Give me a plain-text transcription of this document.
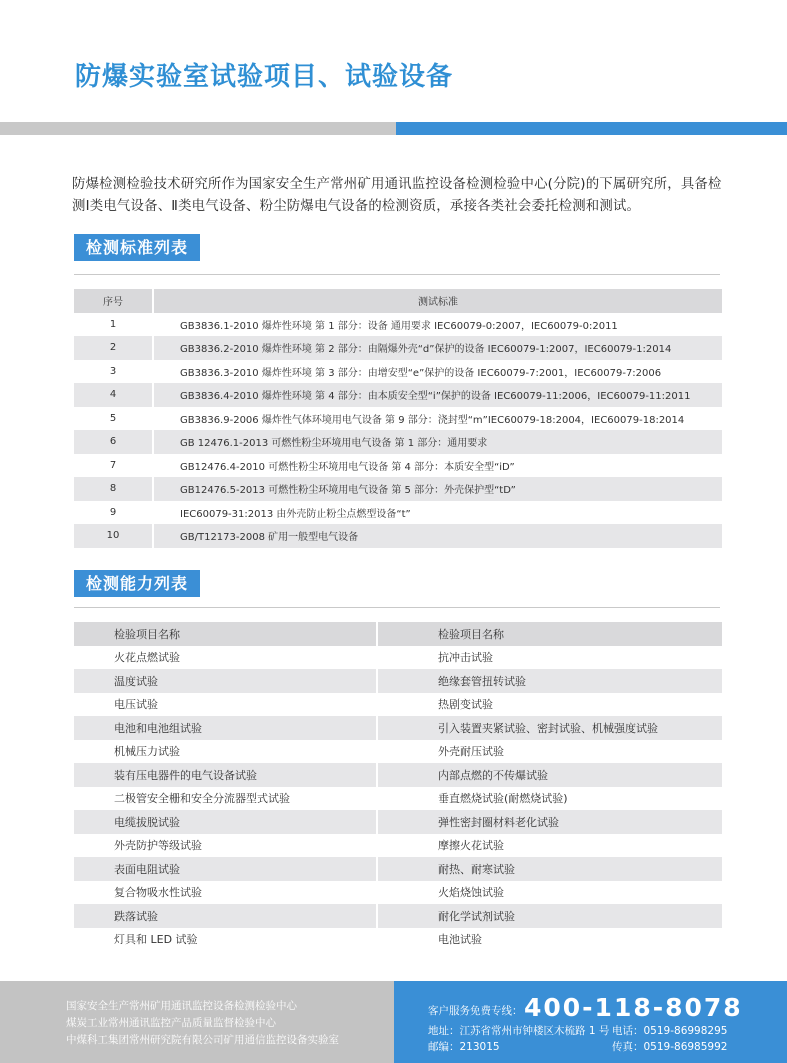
防爆实验室试验项目、试验设备
防爆检测检验技术研究所作为国家安全生产常州矿用通讯监控设备检测检验中心(分院)的下属研究所，具备检测Ⅰ类电气设备、Ⅱ类电气设备、粉尘防爆电气设备的检测资质，承接各类社会委托检测和测试。
检测标准列表
序号	测试标准
1	GB3836.1-2010 爆炸性环境 第 1 部分：设备 通用要求 IEC60079-0:2007，IEC60079-0:2011
2	GB3836.2-2010 爆炸性环境 第 2 部分：由隔爆外壳“d”保护的设备 IEC60079-1:2007，IEC60079-1:2014
3	GB3836.3-2010 爆炸性环境 第 3 部分：由增安型“e”保护的设备 IEC60079-7:2001，IEC60079-7:2006
4	GB3836.4-2010 爆炸性环境 第 4 部分：由本质安全型“i”保护的设备 IEC60079-11:2006，IEC60079-11:2011
5	GB3836.9-2006 爆炸性气体环境用电气设备 第 9 部分：浇封型“m”IEC60079-18:2004，IEC60079-18:2014
6	GB 12476.1-2013 可燃性粉尘环境用电气设备 第 1 部分：通用要求
7	GB12476.4-2010 可燃性粉尘环境用电气设备 第 4 部分：本质安全型“iD”
8	GB12476.5-2013 可燃性粉尘环境用电气设备 第 5 部分：外壳保护型“tD”
9	IEC60079-31:2013 由外壳防止粉尘点燃型设备“t”
10	GB/T12173-2008 矿用一般型电气设备
检测能力列表
检验项目名称	检验项目名称
火花点燃试验	抗冲击试验
温度试验	绝缘套管扭转试验
电压试验	热剧变试验
电池和电池组试验	引入装置夹紧试验、密封试验、机械强度试验
机械压力试验	外壳耐压试验
装有压电器件的电气设备试验	内部点燃的不传爆试验
二极管安全栅和安全分流器型式试验	垂直燃烧试验(耐燃烧试验)
电缆拔脱试验	弹性密封圈材料老化试验
外壳防护等级试验	摩擦火花试验
表面电阻试验	耐热、耐寒试验
复合物吸水性试验	火焰烧蚀试验
跌落试验	耐化学试剂试验
灯具和 LED 试验	电池试验
国家安全生产常州矿用通讯监控设备检测检验中心
煤炭工业常州通讯监控产品质量监督检验中心
中煤科工集团常州研究院有限公司矿用通信监控设备实验室
客户服务免费专线： 400-118-8078
地址：江苏省常州市钟楼区木梳路 1 号
邮编：213015
电话：0519-86998295
传真：0519-86985992
